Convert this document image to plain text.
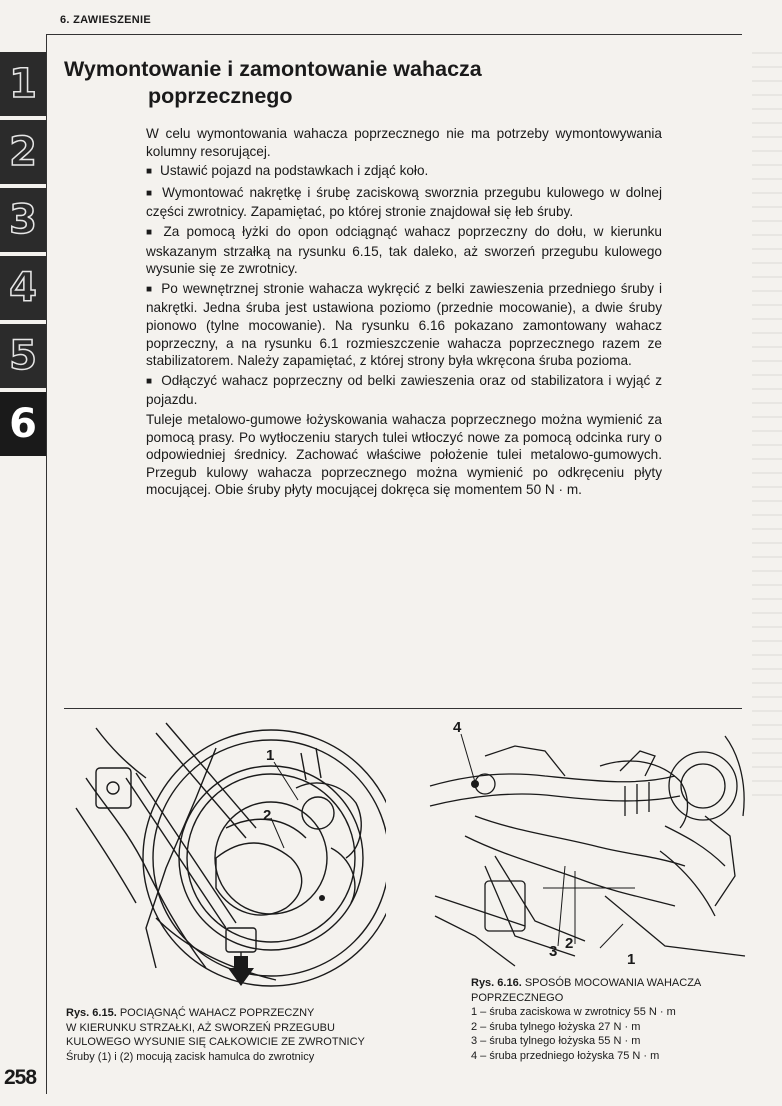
6. ZAWIESZENIE
1
2
3
4
5
6
Wymontowanie i zamontowanie wahacza
poprzecznego

W celu wymontowania wahacza poprzecznego nie ma potrzeby wymontowywania kolumny resorującej.

■ Ustawić pojazd na podstawkach i zdjąć koło.

■ Wymontować nakrętkę i śrubę zaciskową sworznia przegubu kulowego w dolnej części zwrotnicy. Zapamiętać, po której stronie znajdował się łeb śruby.

■ Za pomocą łyżki do opon odciągnąć wahacz poprzeczny do dołu, w kierunku wskazanym strzałką na rysunku 6.15, tak daleko, aż sworzeń przegubu kulowego wysunie się ze zwrotnicy.

■ Po wewnętrznej stronie wahacza wykręcić z belki zawieszenia przedniego śruby i nakrętki. Jedna śruba jest ustawiona poziomo (przednie mocowanie), a dwie śruby pionowo (tylne mocowanie). Na rysunku 6.16 pokazano zamontowany wahacz poprzeczny, a na rysunku 6.1 rozmieszczenie wahacza poprzecznego razem ze stabilizatorem. Należy zapamiętać, z której strony była wkręcona śruba pozioma.

■ Odłączyć wahacz poprzeczny od belki zawieszenia oraz od stabilizatora i wyjąć z pojazdu.

Tuleje metalowo-gumowe łożyskowania wahacza poprzecznego można wymienić za pomocą prasy. Po wytłoczeniu starych tulei wtłoczyć nowe za pomocą odcinka rury o odpowiedniej średnicy. Zachować właściwe położenie tulei metalowo-gumowych. Przegub kulowy wahacza poprzecznego można wymienić po odkręceniu płyty mocującej. Obie śruby płyty mocującej dokręca się momentem 50 N · m.

1
2
Rys. 6.15. POCIĄGNĄĆ WAHACZ POPRZECZNY
W KIERUNKU STRZAŁKI, AŻ SWORZEŃ PRZEGUBU
KULOWEGO WYSUNIE SIĘ CAŁKOWICIE ZE ZWROTNICY
Śruby (1) i (2) mocują zacisk hamulca do zwrotnicy
4
1
2
3
Rys. 6.16. SPOSÓB MOCOWANIA WAHACZA
POPRZECZNEGO
1 – śruba zaciskowa w zwrotnicy 55 N · m
2 – śruba tylnego łożyska 27 N · m
3 – śruba tylnego łożyska 55 N · m
4 – śruba przedniego łożyska 75 N · m
258
